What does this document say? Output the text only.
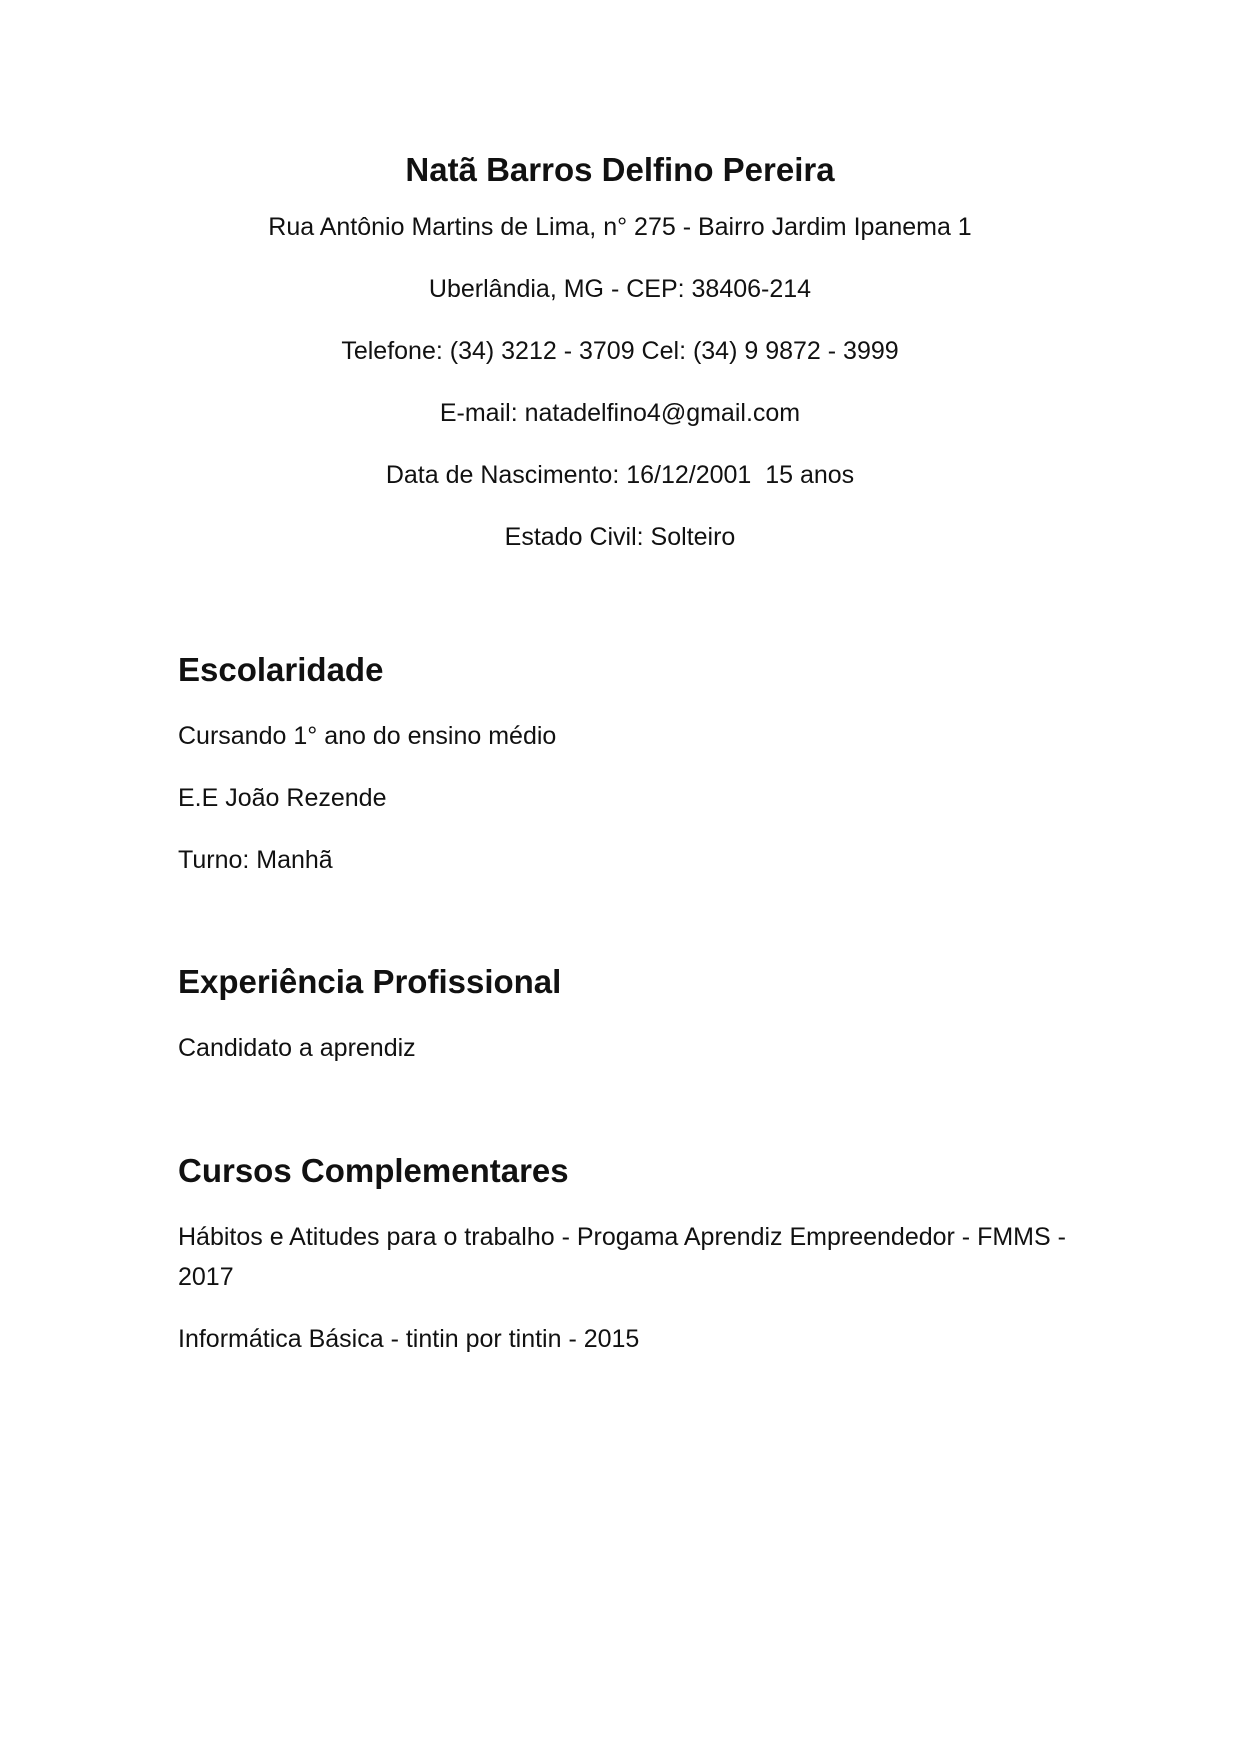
Natã Barros Delfino Pereira
Rua Antônio Martins de Lima, n° 275 - Bairro Jardim Ipanema 1
Uberlândia, MG - CEP: 38406-214
Telefone: (34) 3212 - 3709 Cel: (34) 9 9872 - 3999
E-mail: natadelfino4@gmail.com
Data de Nascimento: 16/12/2001  15 anos
Estado Civil: Solteiro
Escolaridade
Cursando 1° ano do ensino médio
E.E João Rezende
Turno: Manhã
Experiência Profissional
Candidato a aprendiz
Cursos Complementares
Hábitos e Atitudes para o trabalho - Progama Aprendiz Empreendedor - FMMS - 2017
Informática Básica - tintin por tintin - 2015
